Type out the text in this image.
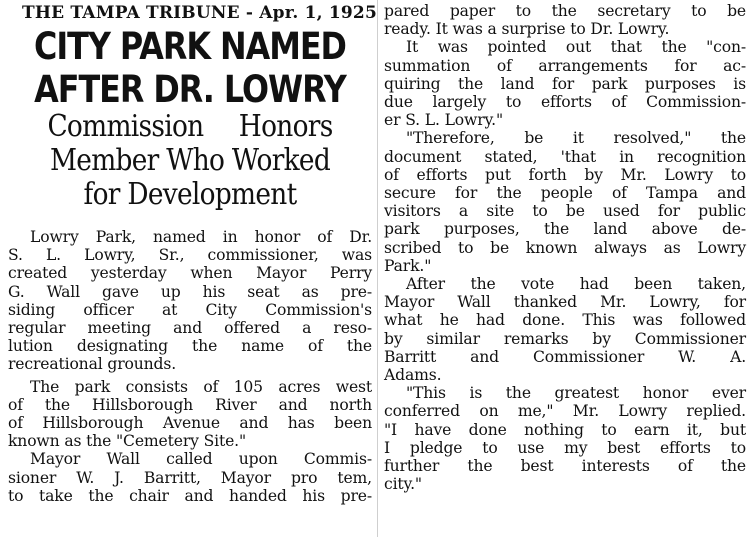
THE TAMPA TRIBUNE - Apr. 1, 1925
CITY PARK NAMED
AFTER DR. LOWRY
Commission Honors
Member Who Worked
for Development

Lowry Park, named in honor of Dr.
S. L. Lowry, Sr., commissioner, was
created yesterday when Mayor Perry
G. Wall gave up his seat as pre-
siding officer at City Commission's
regular meeting and offered a reso-
lution designating the name of the
recreational grounds.

The park consists of 105 acres west
of the Hillsborough River and north
of Hillsborough Avenue and has been
known as the "Cemetery Site."

Mayor Wall called upon Commis-
sioner W. J. Barritt, Mayor pro tem,
to take the chair and handed his pre-

pared paper to the secretary to be
ready. It was a surprise to Dr. Lowry.

It was pointed out that the "con-
summation of arrangements for ac-
quiring the land for park purposes is
due largely to efforts of Commission-
er S. L. Lowry."

"Therefore, be it resolved," the
document stated, 'that in recognition
of efforts put forth by Mr. Lowry to
secure for the people of Tampa and
visitors a site to be used for public
park purposes, the land above de-
scribed to be known always as Lowry
Park."

After the vote had been taken,
Mayor Wall thanked Mr. Lowry, for
what he had done. This was followed
by similar remarks by Commissioner
Barritt and Commissioner W. A.
Adams.

"This is the greatest honor ever
conferred on me," Mr. Lowry replied.
"I have done nothing to earn it, but
I pledge to use my best efforts to
further the best interests of the
city."
